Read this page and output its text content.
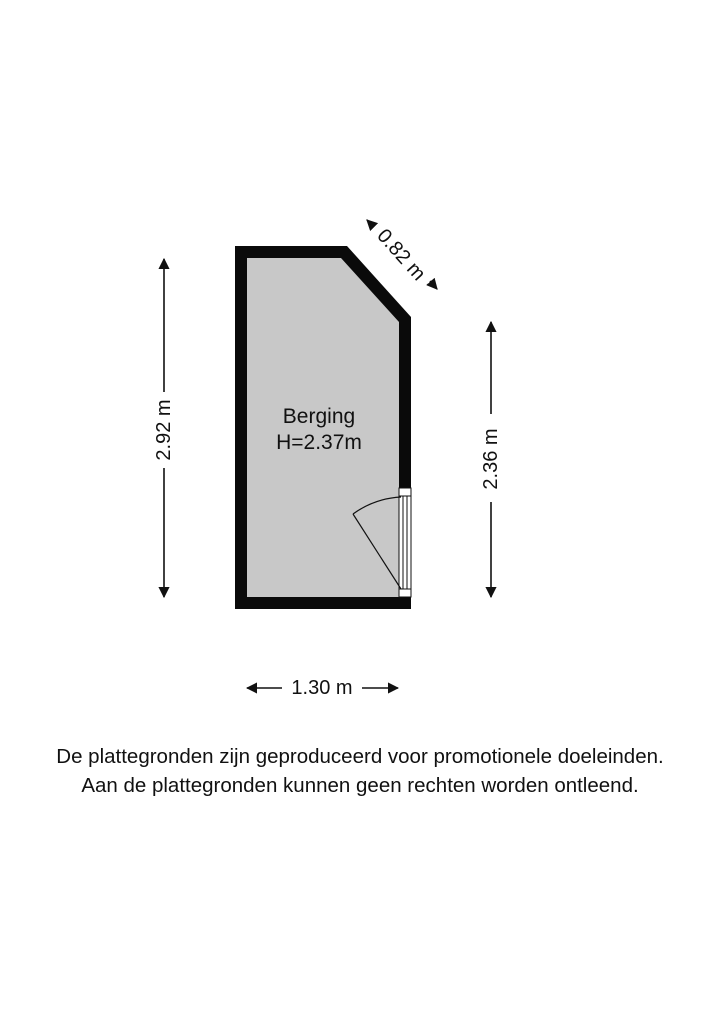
Berging
H=2.37m
2.92 m	2.36 m
0.82 m
1.30 m
De plattegronden zijn geproduceerd voor promotionele doeleinden.
Aan de plattegronden kunnen geen rechten worden ontleend.
